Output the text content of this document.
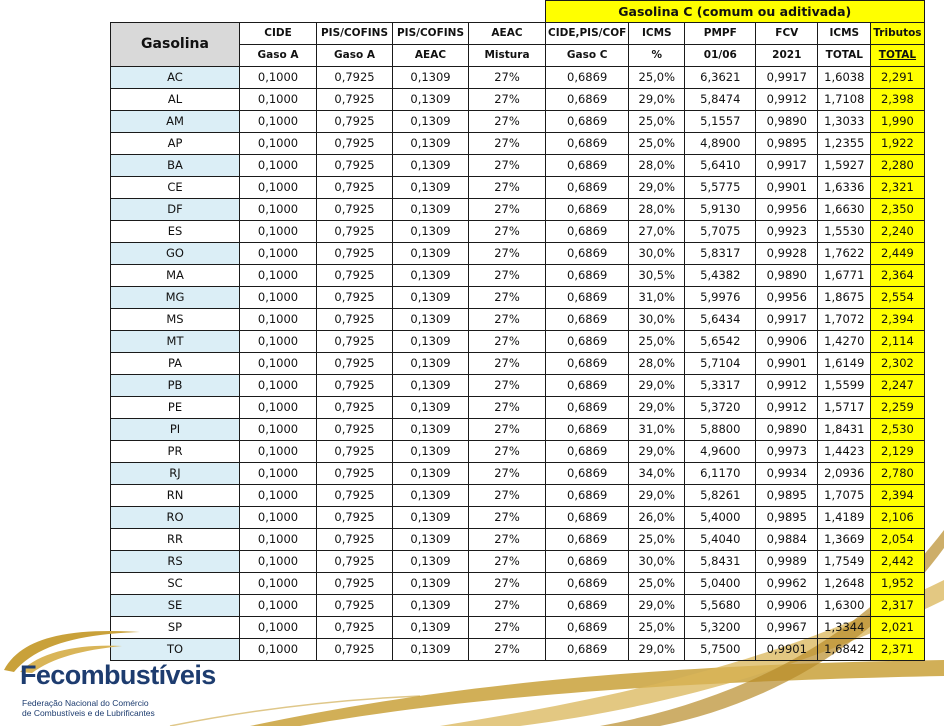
					Gasolina C (comum ou aditivada)					
Gasolina	CIDE	PIS/COFINS	PIS/COFINS	AEAC	CIDE,PIS/COF	ICMS	PMPF	FCV	ICMS	Tributos
	Gaso A	Gaso A	AEAC	Mistura	Gaso C	%	01/06	2021	TOTAL	TOTAL
AC	0,1000	0,7925	0,1309	27%	0,6869	25,0%	6,3621	0,9917	1,6038	2,291
AL	0,1000	0,7925	0,1309	27%	0,6869	29,0%	5,8474	0,9912	1,7108	2,398
AM	0,1000	0,7925	0,1309	27%	0,6869	25,0%	5,1557	0,9890	1,3033	1,990
AP	0,1000	0,7925	0,1309	27%	0,6869	25,0%	4,8900	0,9895	1,2355	1,922
BA	0,1000	0,7925	0,1309	27%	0,6869	28,0%	5,6410	0,9917	1,5927	2,280
CE	0,1000	0,7925	0,1309	27%	0,6869	29,0%	5,5775	0,9901	1,6336	2,321
DF	0,1000	0,7925	0,1309	27%	0,6869	28,0%	5,9130	0,9956	1,6630	2,350
ES	0,1000	0,7925	0,1309	27%	0,6869	27,0%	5,7075	0,9923	1,5530	2,240
GO	0,1000	0,7925	0,1309	27%	0,6869	30,0%	5,8317	0,9928	1,7622	2,449
MA	0,1000	0,7925	0,1309	27%	0,6869	30,5%	5,4382	0,9890	1,6771	2,364
MG	0,1000	0,7925	0,1309	27%	0,6869	31,0%	5,9976	0,9956	1,8675	2,554
MS	0,1000	0,7925	0,1309	27%	0,6869	30,0%	5,6434	0,9917	1,7072	2,394
MT	0,1000	0,7925	0,1309	27%	0,6869	25,0%	5,6542	0,9906	1,4270	2,114
PA	0,1000	0,7925	0,1309	27%	0,6869	28,0%	5,7104	0,9901	1,6149	2,302
PB	0,1000	0,7925	0,1309	27%	0,6869	29,0%	5,3317	0,9912	1,5599	2,247
PE	0,1000	0,7925	0,1309	27%	0,6869	29,0%	5,3720	0,9912	1,5717	2,259
PI	0,1000	0,7925	0,1309	27%	0,6869	31,0%	5,8800	0,9890	1,8431	2,530
PR	0,1000	0,7925	0,1309	27%	0,6869	29,0%	4,9600	0,9973	1,4423	2,129
RJ	0,1000	0,7925	0,1309	27%	0,6869	34,0%	6,1170	0,9934	2,0936	2,780
RN	0,1000	0,7925	0,1309	27%	0,6869	29,0%	5,8261	0,9895	1,7075	2,394
RO	0,1000	0,7925	0,1309	27%	0,6869	26,0%	5,4000	0,9895	1,4189	2,106
RR	0,1000	0,7925	0,1309	27%	0,6869	25,0%	5,4040	0,9884	1,3669	2,054
RS	0,1000	0,7925	0,1309	27%	0,6869	30,0%	5,8431	0,9989	1,7549	2,442
SC	0,1000	0,7925	0,1309	27%	0,6869	25,0%	5,0400	0,9962	1,2648	1,952
SE	0,1000	0,7925	0,1309	27%	0,6869	29,0%	5,5680	0,9906	1,6300	2,317
SP	0,1000	0,7925	0,1309	27%	0,6869	25,0%	5,3200	0,9967	1,3344	2,021
TO	0,1000	0,7925	0,1309	27%	0,6869	29,0%	5,7500	0,9901	1,6842	2,371
Fecombustíveis
Federação Nacional do Comércio
de Combustíveis e de Lubrificantes
